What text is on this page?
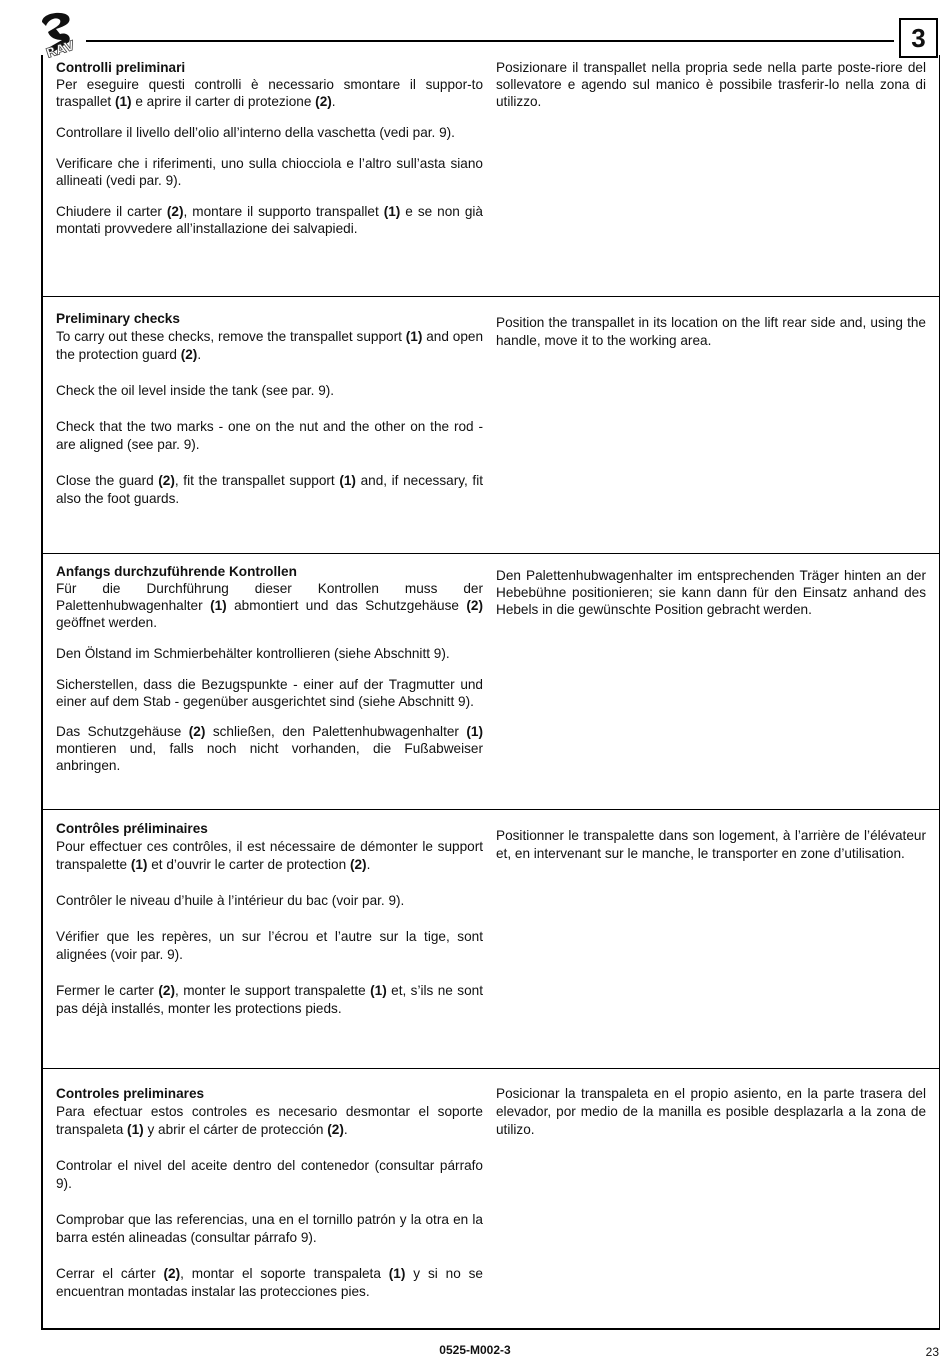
RAV	3

Controlli preliminari

Per eseguire questi controlli è necessario smontare il suppor-to traspallet (1) e aprire il carter di protezione (2).

Controllare il livello dell’olio all’interno della vaschetta (vedi par. 9).

Verificare che i riferimenti, uno sulla chiocciola e l’altro sull’asta siano allineati (vedi par. 9).

Chiudere il carter (2), montare il supporto transpallet (1) e se non già montati provvedere all’installazione dei salvapiedi.

Posizionare il transpallet nella propria sede nella parte poste-riore del sollevatore e agendo sul manico è possibile trasferir-lo nella zona di utilizzo.

Preliminary checks

To carry out these checks, remove the transpallet support (1) and open the protection guard (2).

Check the oil level inside the tank (see par. 9).

Check that the two marks - one on the nut and the other on the rod - are aligned (see par. 9).

Close the guard (2), fit the transpallet support (1) and, if necessary, fit also the foot guards.

Position the transpallet in its location on the lift rear side and, using the handle, move it to the working area.

Anfangs durchzuführende Kontrollen

Für die Durchführung dieser Kontrollen muss der Palettenhubwagenhalter (1) abmontiert und das Schutzgehäuse (2) geöffnet werden.

Den Ölstand im Schmierbehälter kontrollieren (siehe Abschnitt 9).

Sicherstellen, dass die Bezugspunkte - einer auf der Tragmutter und einer auf dem Stab - gegenüber ausgerichtet sind (siehe Abschnitt 9).

Das Schutzgehäuse (2) schließen, den Palettenhubwagenhalter (1) montieren und, falls noch nicht vorhanden, die Fußabweiser anbringen.

Den Palettenhubwagenhalter im entsprechenden Träger hinten an der Hebebühne positionieren; sie kann dann für den Einsatz anhand des Hebels in die gewünschte Position gebracht werden.

Contrôles préliminaires

Pour effectuer ces contrôles, il est nécessaire de démonter le support transpalette (1) et d’ouvrir le carter de protection (2).

Contrôler le niveau d’huile à l’intérieur du bac (voir par. 9).

Vérifier que les repères, un sur l’écrou et l’autre sur la tige, sont alignées (voir par. 9).

Fermer le carter (2), monter le support transpalette (1) et, s’ils ne sont pas déjà installés, monter les protections pieds.

Positionner le transpalette dans son logement, à l’arrière de l’élévateur et, en intervenant sur le manche, le transporter en zone d’utilisation.

Controles preliminares

Para efectuar estos controles es necesario desmontar el soporte transpaleta (1) y abrir el cárter de protección (2).

Controlar el nivel del aceite dentro del contenedor (consultar párrafo 9).

Comprobar que las referencias, una en el tornillo patrón y la otra en la barra estén alineadas (consultar párrafo 9).

Cerrar el cárter (2), montar el soporte transpaleta (1) y si no se encuentran montadas instalar las protecciones pies.

Posicionar la transpaleta en el propio asiento, en la parte trasera del elevador, por medio de la manilla es posible desplazarla a la zona de utilizo.

0525-M002-3	23
